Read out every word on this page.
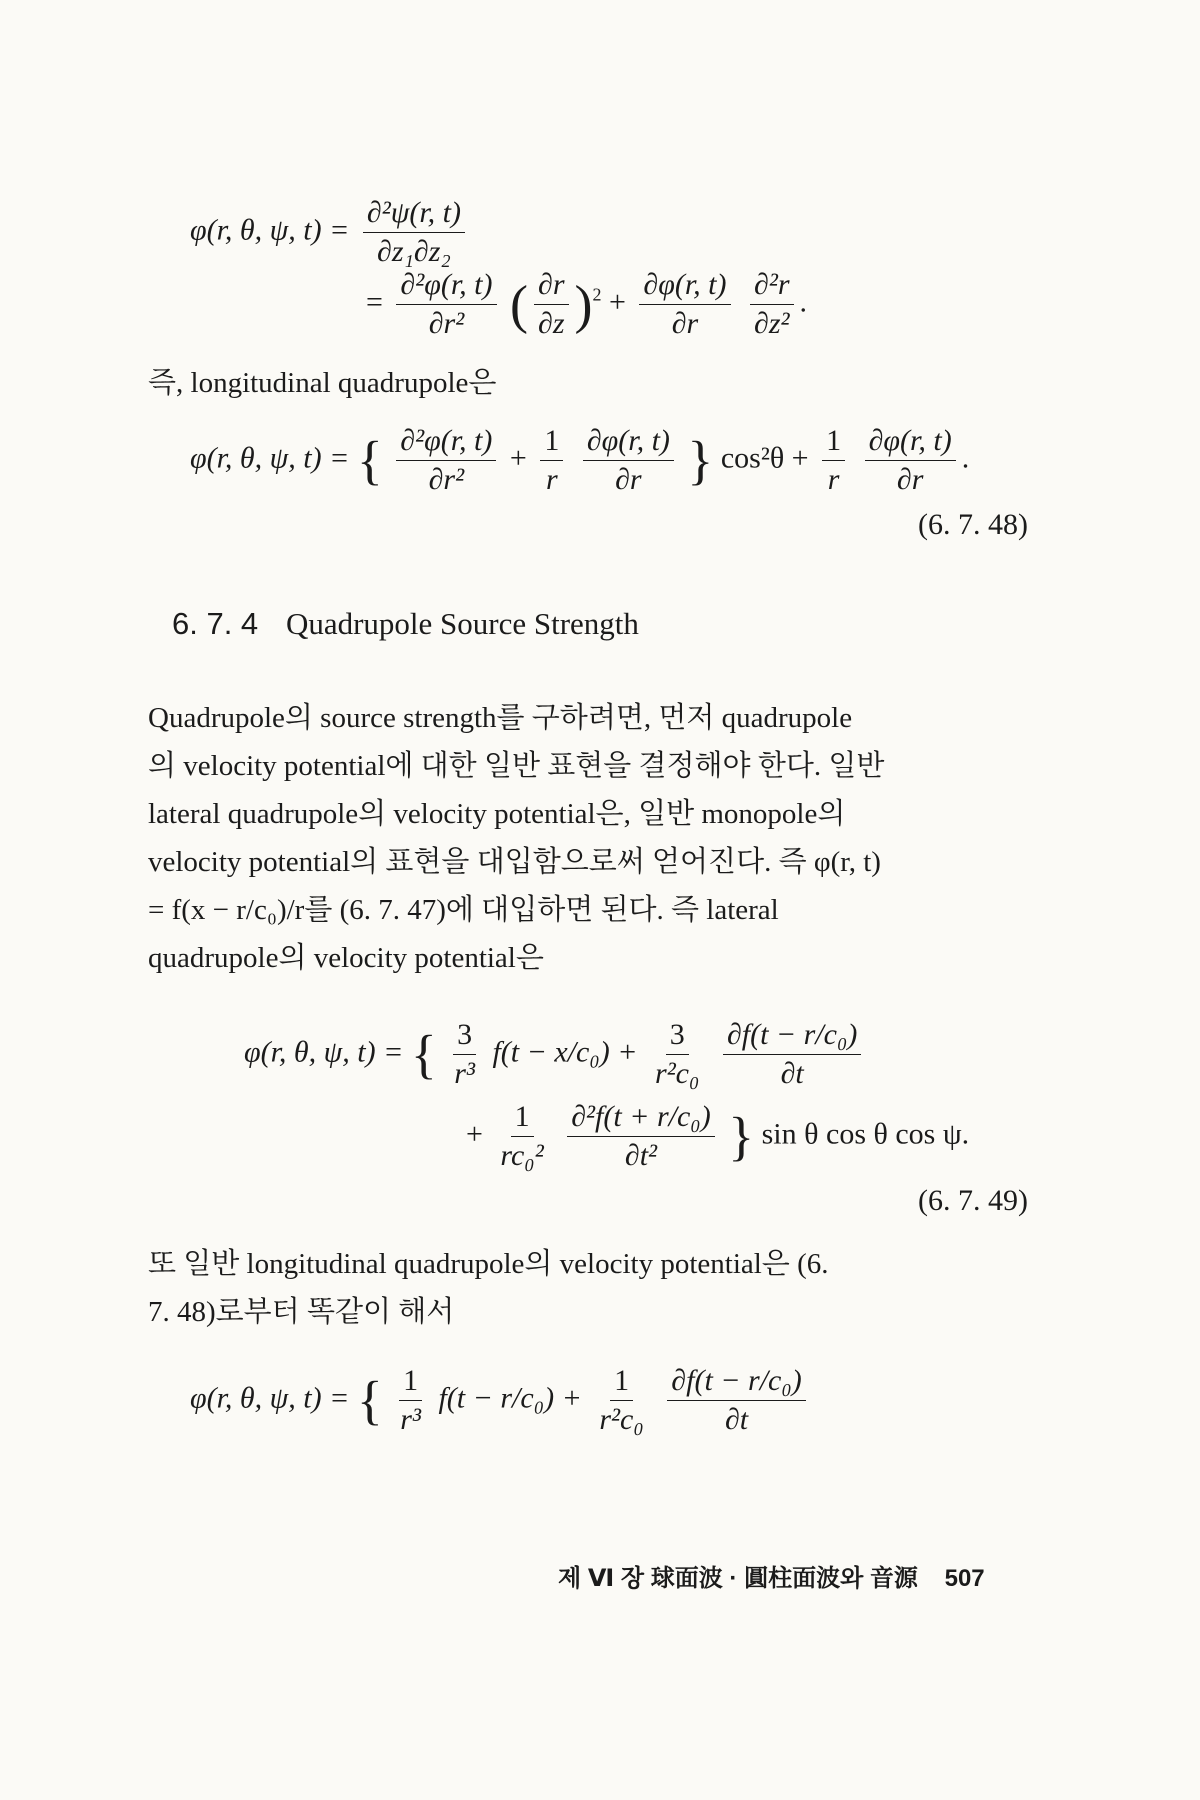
φ(r, θ, ψ, $t) = \frac{\text{∂²ψ(r, t)}}{\text{∂z₁∂z₂}}$
= $\frac{\text{∂²φ(r, t)}}{\text{∂r²}}$ ( $\frac{\partial r}{\partial z} )^2 + \frac{\partial\varphi(r, t)}{\partial r}$
$\frac{\text{∂²r}}{\text{∂z²}}$ .
즉, longitudinal quadrupole은
φ(r, θ, ψ, t) = { $\frac{\text{∂²φ(r, t)}}{\text{∂r²}} + \frac{1}{r}$
$\frac{\partial\varphi(r, t)}{\partial r}$ } $\cos^2\theta + \frac{1}{r}$
$\frac{\partial\varphi(r, t)}{\partial r}$ .
(6. 7. 48)
6. 7. 4 Quadrupole Source Strength
Quadrupole의 source strength를 구하려면, 먼저 quadrupole
의 velocity potential에 대한 일반 표현을 결정해야 한다. 일반
lateral quadrupole의 velocity potential은, 일반 monopole의
velocity potential의 표현을 대입함으로써 얻어진다. 즉 φ(r, t)
= f(x − r/c₀)/r를 (6. 7. 47)에 대입하면 된다. 즉 lateral
quadrupole의 velocity potential은
φ(r, θ, ψ, t) = { $\frac{3}{\text{r³}} f(t - x/c_0) + \frac{3}{\text{r²c₀}}$
$\frac{\text{∂f(t − r/c₀)}}{\partial t}$
+ $\frac{1}{\text{rc₀²}}$
$\frac{\text{∂²f(t + r/c₀)}}{\text{∂t²}}$ } sin θ cos θ cos ψ.
(6. 7. 49)
또 일반 longitudinal quadrupole의 velocity potential은 (6.
7. 48)로부터 똑같이 해서
φ(r, θ, ψ, t) = { $\frac{1}{\text{r³}} f(t - r/c_0) + \frac{1}{\text{r²c₀}}$
$\frac{\text{∂f(t − r/c₀)}}{\partial t}$
제 Ⅵ 장 球面波 · 圓柱面波와 音源 507
